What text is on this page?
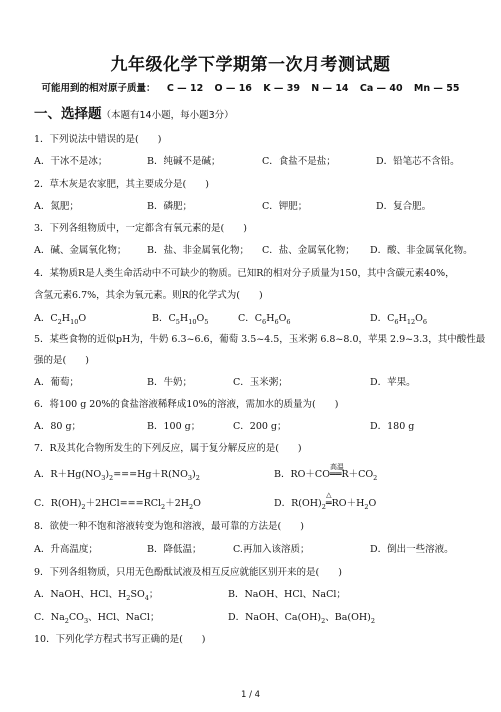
九年级化学下学期第一次月考测试题
可能用到的相对原子质量： C — 12 O — 16 K — 39 N — 14 Ca — 40 Mn — 55
一、选择题（本题有14小题，每小题3分）
1．下列说法中错误的是(　　)
A．干冰不是冰；	B．纯碱不是碱；	C．食盐不是盐；	D．铅笔芯不含铅。
2．草木灰是农家肥，其主要成分是(　　)
A．氮肥；	B．磷肥；	C．钾肥；	D．复合肥。
3．下列各组物质中，一定都含有氧元素的是(　　)
A．碱、金属氧化物； B．盐、非金属氧化物； C．盐、金属氧化物； D．酸、非金属氧化物。
4．某物质R是人类生命活动中不可缺少的物质。已知R的相对分子质量为150，其中含碳元素40%，
含氢元素6.7%，其余为氧元素。则R的化学式为(　　)
A．$C_2H_{10}O$	B．$C_5H_{10}O_5$	C．$C_6H_6O_6$	D．$C_6H_{12}O_6$
5．某些食物的近似pH为，牛奶 6.3~6.6，葡萄 3.5~4.5，玉米粥 6.8~8.0，苹果 2.9~3.3，其中酸性最
强的是(　　)
A．葡萄；	B．牛奶；	C．玉米粥；	D．苹果。
6．将100 g 20%的食盐溶液稀释成10%的溶液，需加水的质量为(　　)
A．80 g；	B．100 g；	C．200 g；	D．180 g
7．R及其化合物所发生的下列反应，属于复分解反应的是(　　)
A．$R+Hg(NO_3)_2===Hg+R(NO_3)_2$	B．RO＋CO══
高温
$R+CO_2$
C．$R(OH)_2+2HCl===RCl_2+2H_2O$	D．$R(OH)_2═$
△
$RO+H_2O$
8．欲使一种不饱和溶液转变为饱和溶液，最可靠的方法是(　　)
A．升高温度；	B．降低温；	C.再加入该溶质；	D．倒出一些溶液。
9．下列各组物质，只用无色酚酞试液及相互反应就能区别开来的是(　　)
A．NaOH、HCl、$H_2SO_4$；	B．NaOH、HCl、NaCl；
C．$Na_2CO_3$、HCl、NaCl；	D．NaOH、$Ca(OH)_2$、$Ba(OH)_2$
10．下列化学方程式书写正确的是(　　)
1 / 4
